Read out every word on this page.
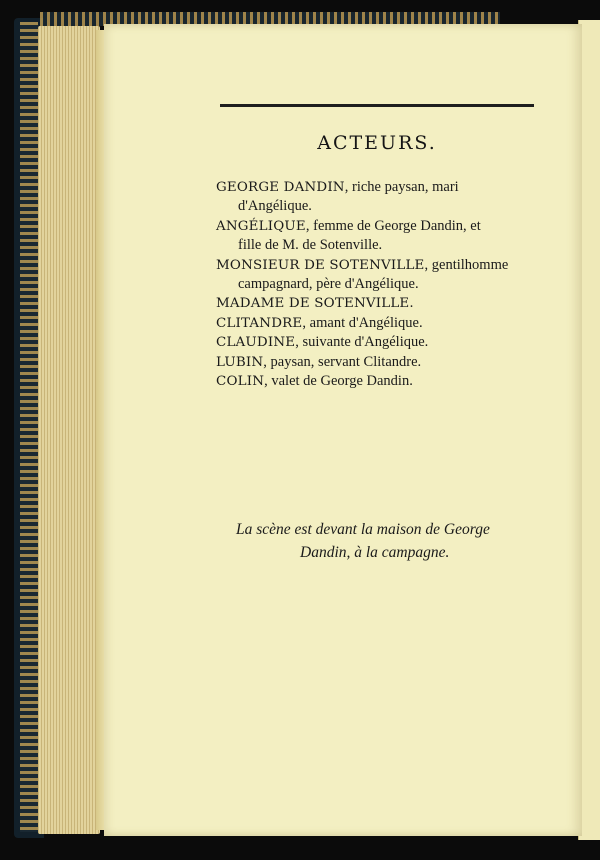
ACTEURS.

GEORGE DANDIN, riche paysan, mari
d'Angélique.

ANGÉLIQUE, femme de George Dandin, et
fille de M. de Sotenville.

MONSIEUR DE SOTENVILLE, gentilhomme
campagnard, père d'Angélique.

MADAME DE SOTENVILLE.

CLITANDRE, amant d'Angélique.

CLAUDINE, suivante d'Angélique.

LUBIN, paysan, servant Clitandre.

COLIN, valet de George Dandin.

La scène est devant la maison de George
Dandin, à la campagne.
